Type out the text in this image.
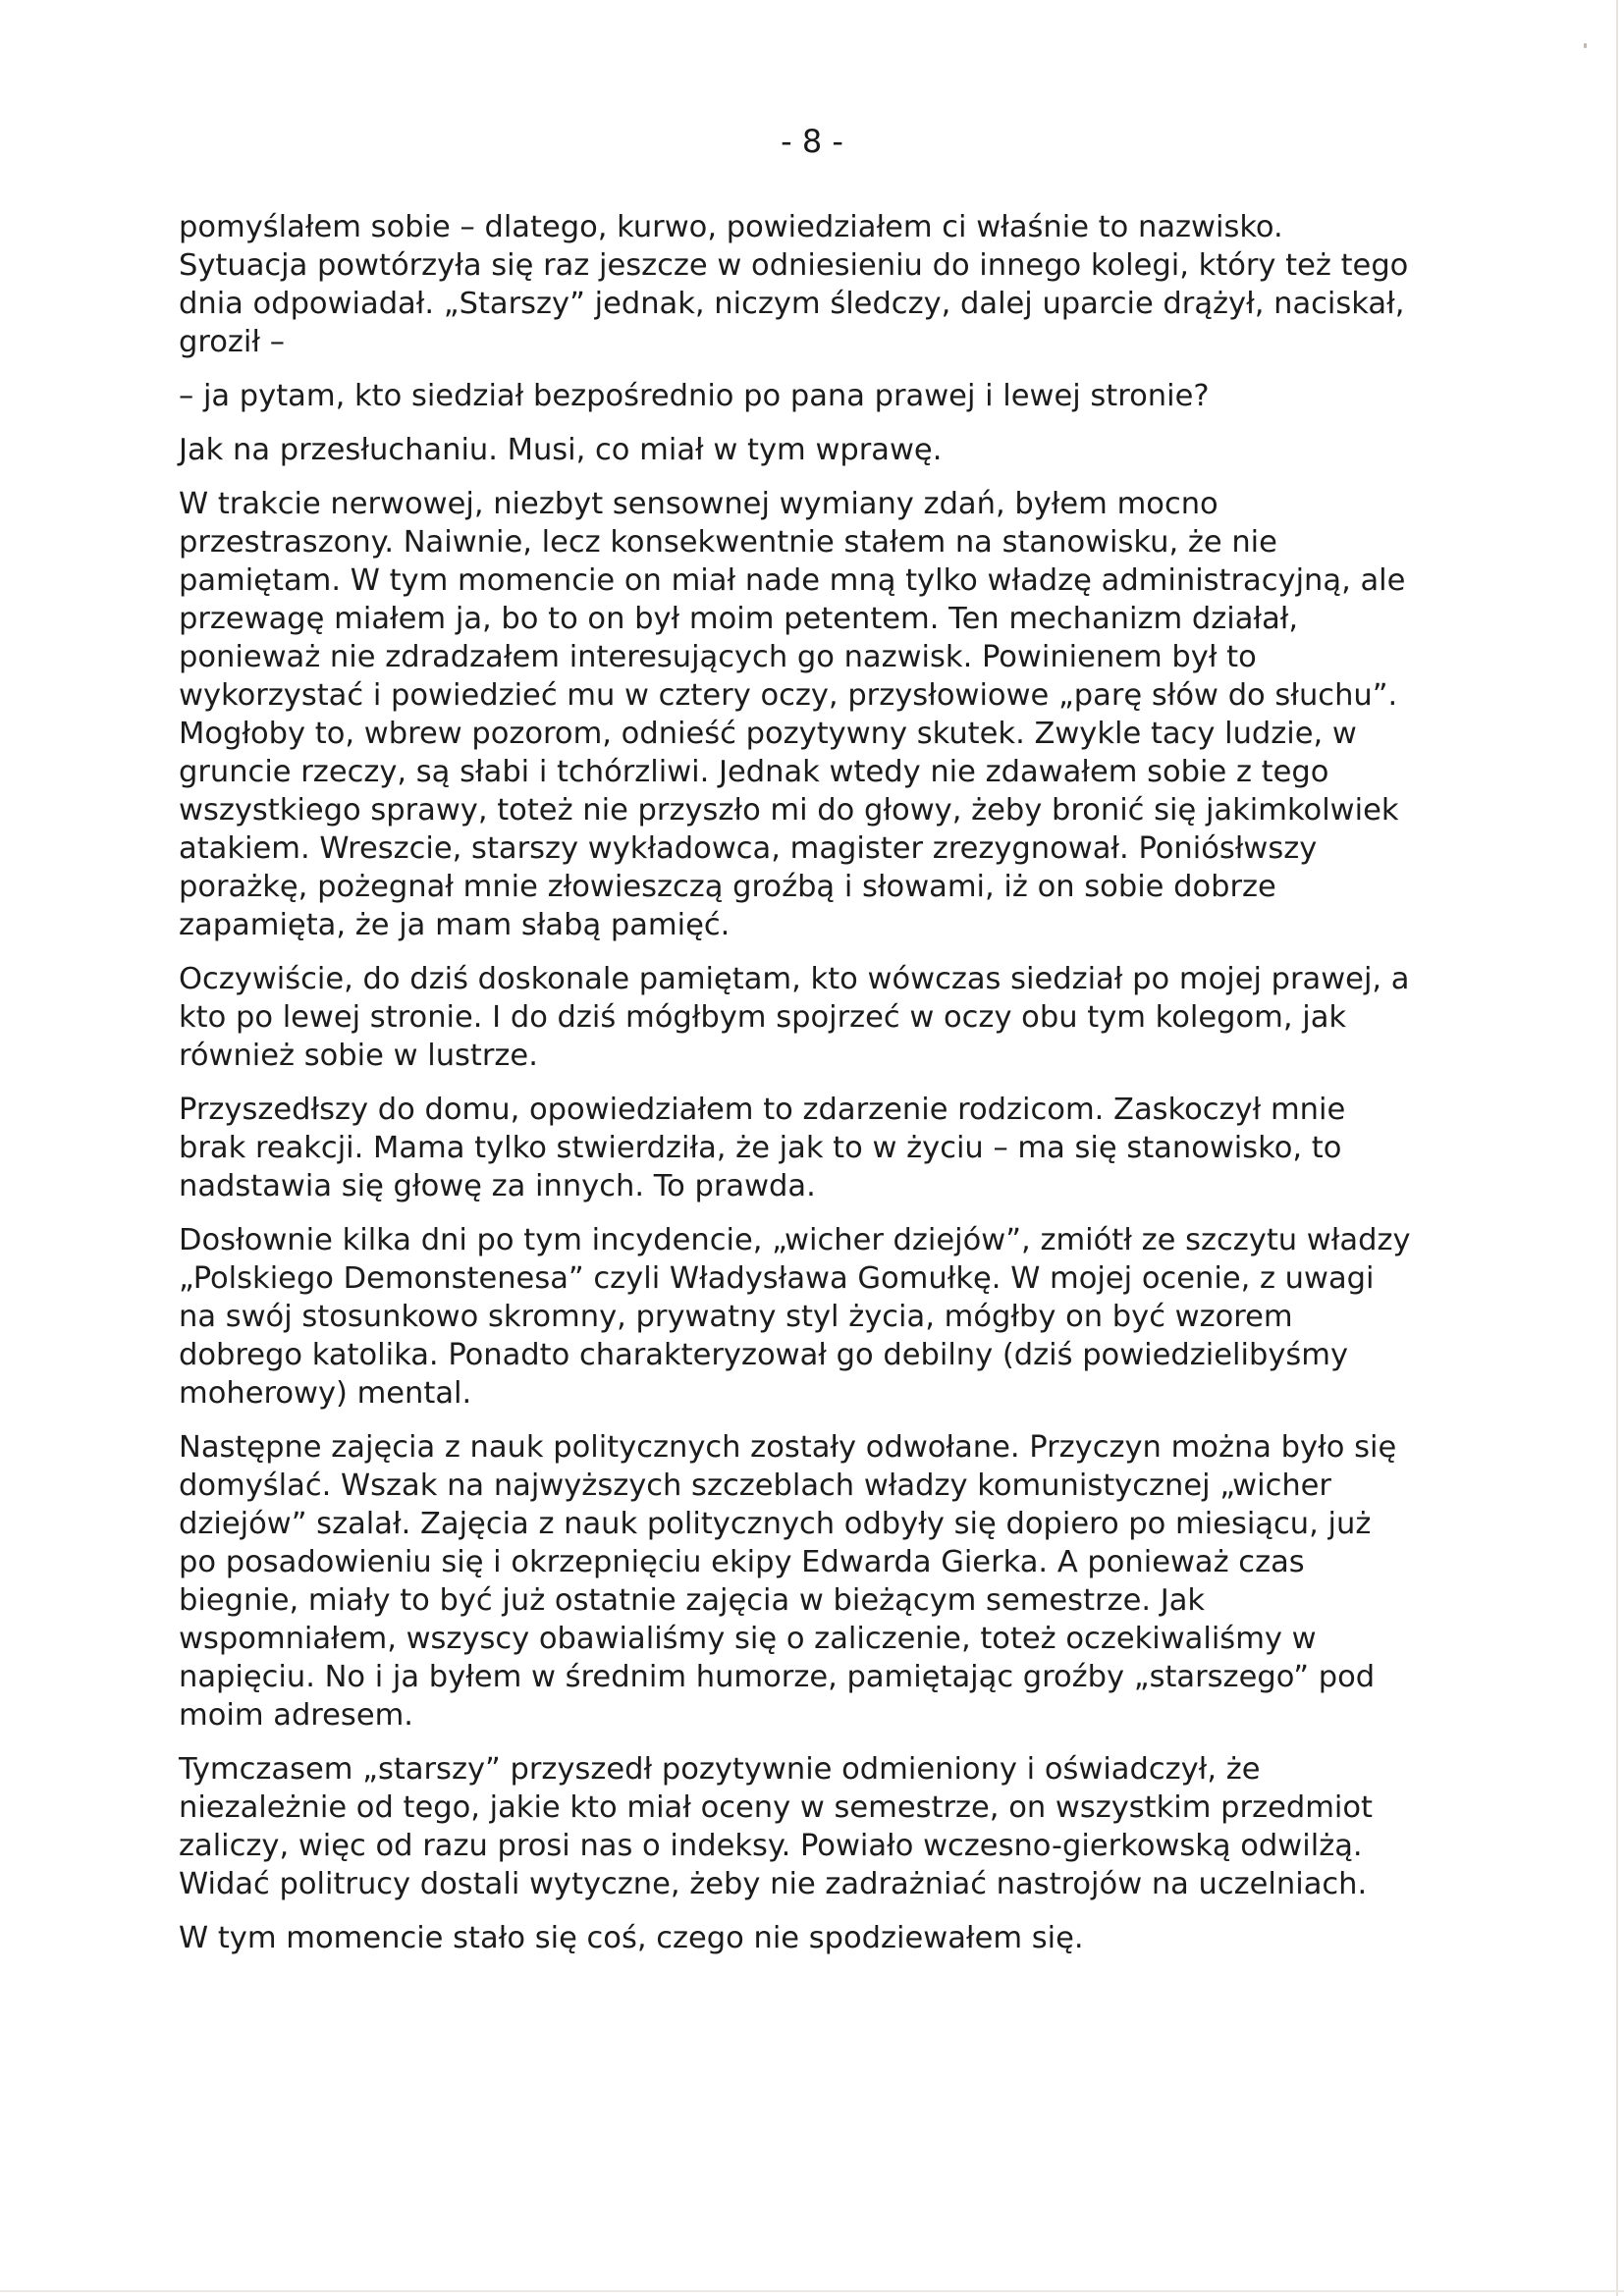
- 8 -

pomyślałem sobie – dlatego, kurwo, powiedziałem ci właśnie to nazwisko. Sytuacja powtórzyła się raz jeszcze w odniesieniu do innego kolegi, który też tego dnia odpowiadał. „Starszy” jednak, niczym śledczy, dalej uparcie drążył, naciskał, groził –

– ja pytam, kto siedział bezpośrednio po pana prawej i lewej stronie?

Jak na przesłuchaniu. Musi, co miał w tym wprawę.

W trakcie nerwowej, niezbyt sensownej wymiany zdań, byłem mocno przestraszony. Naiwnie, lecz konsekwentnie stałem na stanowisku, że nie pamiętam. W tym momencie on miał nade mną tylko władzę administracyjną, ale przewagę miałem ja, bo to on był moim petentem. Ten mechanizm działał, ponieważ nie zdradzałem interesujących go nazwisk. Powinienem był to wykorzystać i powiedzieć mu w cztery oczy, przysłowiowe „parę słów do słuchu”. Mogłoby to, wbrew pozorom, odnieść pozytywny skutek. Zwykle tacy ludzie, w gruncie rzeczy, są słabi i tchórzliwi. Jednak wtedy nie zdawałem sobie z tego wszystkiego sprawy, toteż nie przyszło mi do głowy, żeby bronić się jakimkolwiek atakiem. Wreszcie, starszy wykładowca, magister zrezygnował. Poniósłwszy porażkę, pożegnał mnie złowieszczą groźbą i słowami, iż on sobie dobrze zapamięta, że ja mam słabą pamięć.

Oczywiście, do dziś doskonale pamiętam, kto wówczas siedział po mojej prawej, a kto po lewej stronie. I do dziś mógłbym spojrzeć w oczy obu tym kolegom, jak również sobie w lustrze.

Przyszedłszy do domu, opowiedziałem to zdarzenie rodzicom. Zaskoczył mnie brak reakcji. Mama tylko stwierdziła, że jak to w życiu – ma się stanowisko, to nadstawia się głowę za innych. To prawda.

Dosłownie kilka dni po tym incydencie, „wicher dziejów”, zmiótł ze szczytu władzy „Polskiego Demonstenesa” czyli Władysława Gomułkę. W mojej ocenie, z uwagi na swój stosunkowo skromny, prywatny styl życia, mógłby on być wzorem dobrego katolika. Ponadto charakteryzował go debilny (dziś powiedzielibyśmy moherowy) mental.

Następne zajęcia z nauk politycznych zostały odwołane. Przyczyn można było się domyślać. Wszak na najwyższych szczeblach władzy komunistycznej „wicher dziejów” szalał. Zajęcia z nauk politycznych odbyły się dopiero po miesiącu, już po posadowieniu się i okrzepnięciu ekipy Edwarda Gierka. A ponieważ czas biegnie, miały to być już ostatnie zajęcia w bieżącym semestrze. Jak wspomniałem, wszyscy obawialiśmy się o zaliczenie, toteż oczekiwaliśmy w napięciu. No i ja byłem w średnim humorze, pamiętając groźby „starszego” pod moim adresem.

Tymczasem „starszy” przyszedł pozytywnie odmieniony i oświadczył, że niezależnie od tego, jakie kto miał oceny w semestrze, on wszystkim przedmiot zaliczy, więc od razu prosi nas o indeksy. Powiało wczesno-gierkowską odwilżą. Widać politrucy dostali wytyczne, żeby nie zadrażniać nastrojów na uczelniach.

W tym momencie stało się coś, czego nie spodziewałem się.
